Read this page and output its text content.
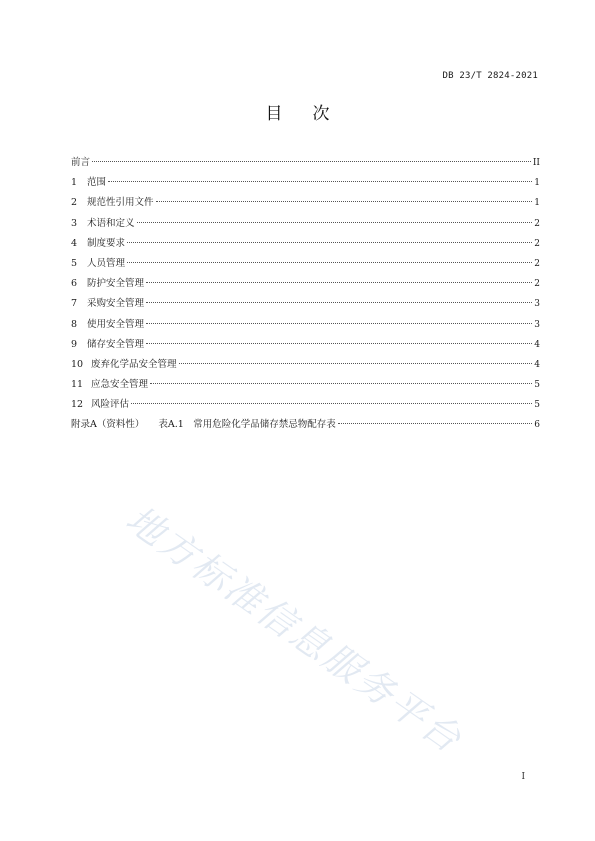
DB 23/T 2824-2021
目次
前言	II
1	范围	1
2	规范性引用文件	1
3	术语和定义	2
4	制度要求	2
5	人员管理	2
6	防护安全管理	2
7	采购安全管理	3
8	使用安全管理	3
9	储存安全管理	4
10 废弃化学品安全管理	4
11 应急安全管理	5
12 风险评估	5
附录A（资料性）	表A.1　常用危险化学品储存禁忌物配存表	6
地方标准信息服务平台
I
